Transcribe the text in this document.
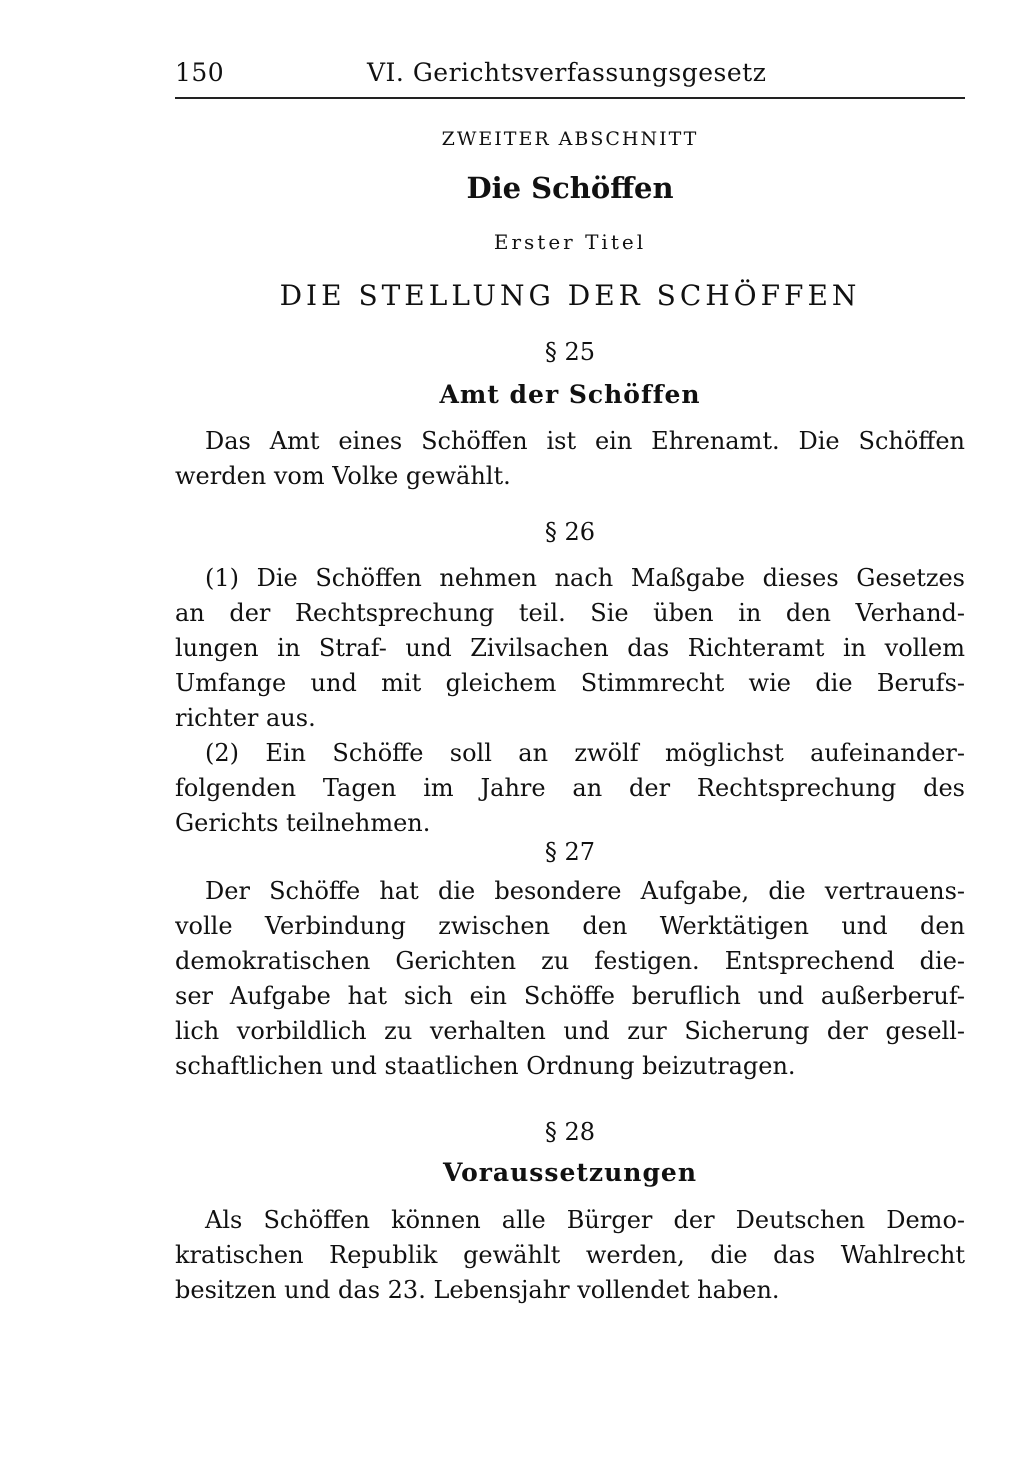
150	VI. Gerichtsverfassungsgesetz
ZWEITER ABSCHNITT
Die Schöffen
Erster Titel
DIE STELLUNG DER SCHÖFFEN
§ 25
Amt der Schöffen
Das Amt eines Schöffen ist ein Ehrenamt. Die Schöffen
werden vom Volke gewählt.
§ 26
(1) Die Schöffen nehmen nach Maßgabe dieses Gesetzes
an der Rechtsprechung teil. Sie üben in den Verhand-
lungen in Straf- und Zivilsachen das Richteramt in vollem
Umfange und mit gleichem Stimmrecht wie die Berufs-
richter aus.
(2) Ein Schöffe soll an zwölf möglichst aufeinander-
folgenden Tagen im Jahre an der Rechtsprechung des
Gerichts teilnehmen.
§ 27
Der Schöffe hat die besondere Aufgabe, die vertrauens-
volle Verbindung zwischen den Werktätigen und den
demokratischen Gerichten zu festigen. Entsprechend die-
ser Aufgabe hat sich ein Schöffe beruflich und außerberuf-
lich vorbildlich zu verhalten und zur Sicherung der gesell-
schaftlichen und staatlichen Ordnung beizutragen.
§ 28
Voraussetzungen
Als Schöffen können alle Bürger der Deutschen Demo-
kratischen Republik gewählt werden, die das Wahlrecht
besitzen und das 23. Lebensjahr vollendet haben.
